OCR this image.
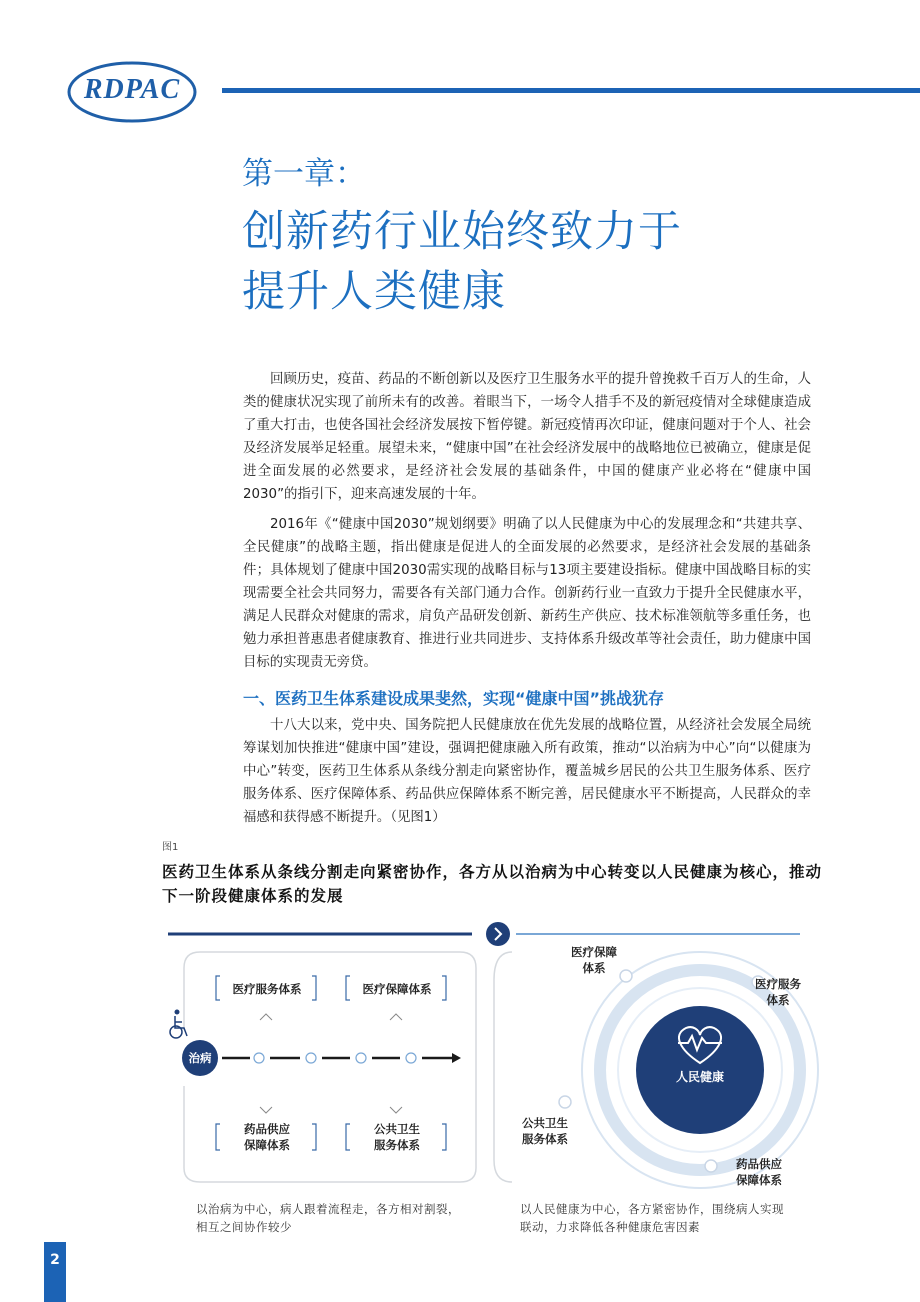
RDPAC
第一章：
创新药行业始终致力于
提升人类健康

回顾历史，疫苗、药品的不断创新以及医疗卫生服务水平的提升曾挽救千百万人的生命，人类的健康状况实现了前所未有的改善。着眼当下，一场令人措手不及的新冠疫情对全球健康造成了重大打击，也使各国社会经济发展按下暂停键。新冠疫情再次印证，健康问题对于个人、社会及经济发展举足轻重。展望未来，“健康中国”在社会经济发展中的战略地位已被确立，健康是促进全面发展的必然要求，是经济社会发展的基础条件，中国的健康产业必将在“健康中国2030”的指引下，迎来高速发展的十年。

2016年《“健康中国2030”规划纲要》明确了以人民健康为中心的发展理念和“共建共享、全民健康”的战略主题，指出健康是促进人的全面发展的必然要求，是经济社会发展的基础条件；具体规划了健康中国2030需实现的战略目标与13项主要建设指标。健康中国战略目标的实现需要全社会共同努力，需要各有关部门通力合作。创新药行业一直致力于提升全民健康水平，满足人民群众对健康的需求，肩负产品研发创新、新药生产供应、技术标准领航等多重任务，也勉力承担普惠患者健康教育、推进行业共同进步、支持体系升级改革等社会责任，助力健康中国目标的实现责无旁贷。

一、医药卫生体系建设成果斐然，实现“健康中国”挑战犹存

十八大以来，党中央、国务院把人民健康放在优先发展的战略位置，从经济社会发展全局统筹谋划加快推进“健康中国”建设，强调把健康融入所有政策，推动“以治病为中心”向“以健康为中心”转变，医药卫生体系从条线分割走向紧密协作，覆盖城乡居民的公共卫生服务体系、医疗服务体系、医疗保障体系、药品供应保障体系不断完善，居民健康水平不断提高，人民群众的幸福感和获得感不断提升。（见图1）

图1
医药卫生体系从条线分割走向紧密协作，各方从以治病为中心转变以人民健康为核心，推动下一阶段健康体系的发展
医疗服务体系	医疗保障体系
药品供应
保障体系
公共卫生
服务体系
治病
以治病为中心，病人跟着流程走，各方相对割裂，相互之间协作较少
人民健康
医疗保障
体系
医疗服务
体系
公共卫生
服务体系
药品供应
保障体系
以人民健康为中心，各方紧密协作，围绕病人实现联动，力求降低各种健康危害因素
2
